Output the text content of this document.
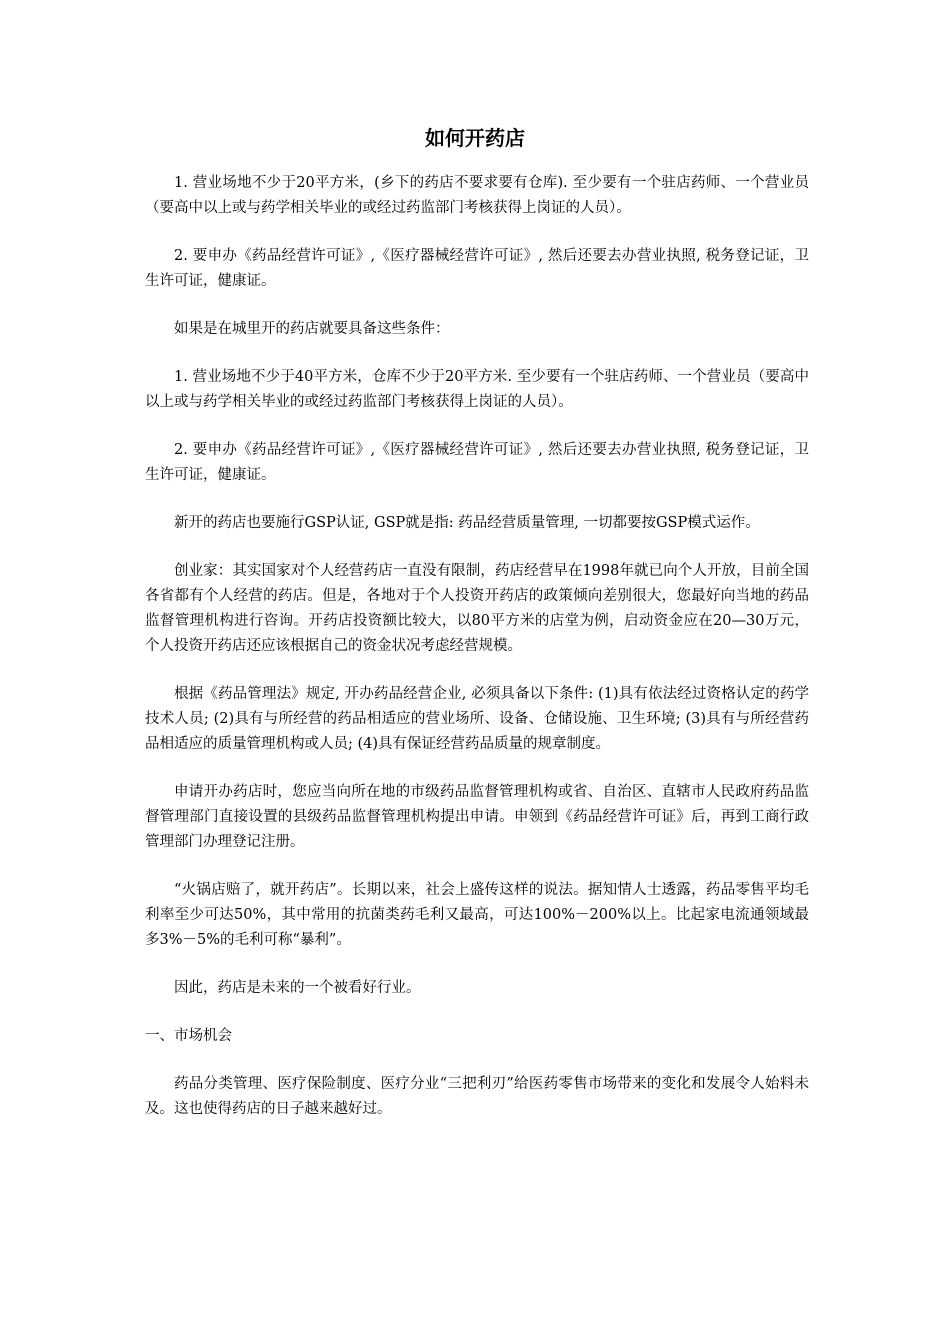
如何开药店

1. 营业场地不少于20平方米，(乡下的药店不要求要有仓库). 至少要有一个驻店药师、一个营业员（要高中以上或与药学相关毕业的或经过药监部门考核获得上岗证的人员）。

2. 要申办《药品经营许可证》,《医疗器械经营许可证》, 然后还要去办营业执照, 税务登记证，卫生许可证，健康证。

如果是在城里开的药店就要具备这些条件：

1. 营业场地不少于40平方米，仓库不少于20平方米. 至少要有一个驻店药师、一个营业员（要高中以上或与药学相关毕业的或经过药监部门考核获得上岗证的人员）。

2. 要申办《药品经营许可证》,《医疗器械经营许可证》, 然后还要去办营业执照, 税务登记证，卫生许可证，健康证。

新开的药店也要施行GSP认证, GSP就是指: 药品经营质量管理, 一切都要按GSP模式运作。

创业家：其实国家对个人经营药店一直没有限制，药店经营早在1998年就已向个人开放，目前全国各省都有个人经营的药店。但是，各地对于个人投资开药店的政策倾向差别很大，您最好向当地的药品监督管理机构进行咨询。开药店投资额比较大，以80平方米的店堂为例，启动资金应在20—30万元，个人投资开药店还应该根据自己的资金状况考虑经营规模。

根据《药品管理法》规定, 开办药品经营企业, 必须具备以下条件: (1)具有依法经过资格认定的药学技术人员; (2)具有与所经营的药品相适应的营业场所、设备、仓储设施、卫生环境; (3)具有与所经营药品相适应的质量管理机构或人员; (4)具有保证经营药品质量的规章制度。

申请开办药店时，您应当向所在地的市级药品监督管理机构或省、自治区、直辖市人民政府药品监督管理部门直接设置的县级药品监督管理机构提出申请。申领到《药品经营许可证》后，再到工商行政管理部门办理登记注册。

“火锅店赔了，就开药店”。长期以来，社会上盛传这样的说法。据知情人士透露，药品零售平均毛利率至少可达50%，其中常用的抗菌类药毛利又最高，可达100%－200%以上。比起家电流通领域最多3%－5%的毛利可称“暴利”。

因此，药店是未来的一个被看好行业。

一、市场机会

药品分类管理、医疗保险制度、医疗分业“三把利刃”给医药零售市场带来的变化和发展令人始料未及。这也使得药店的日子越来越好过。
